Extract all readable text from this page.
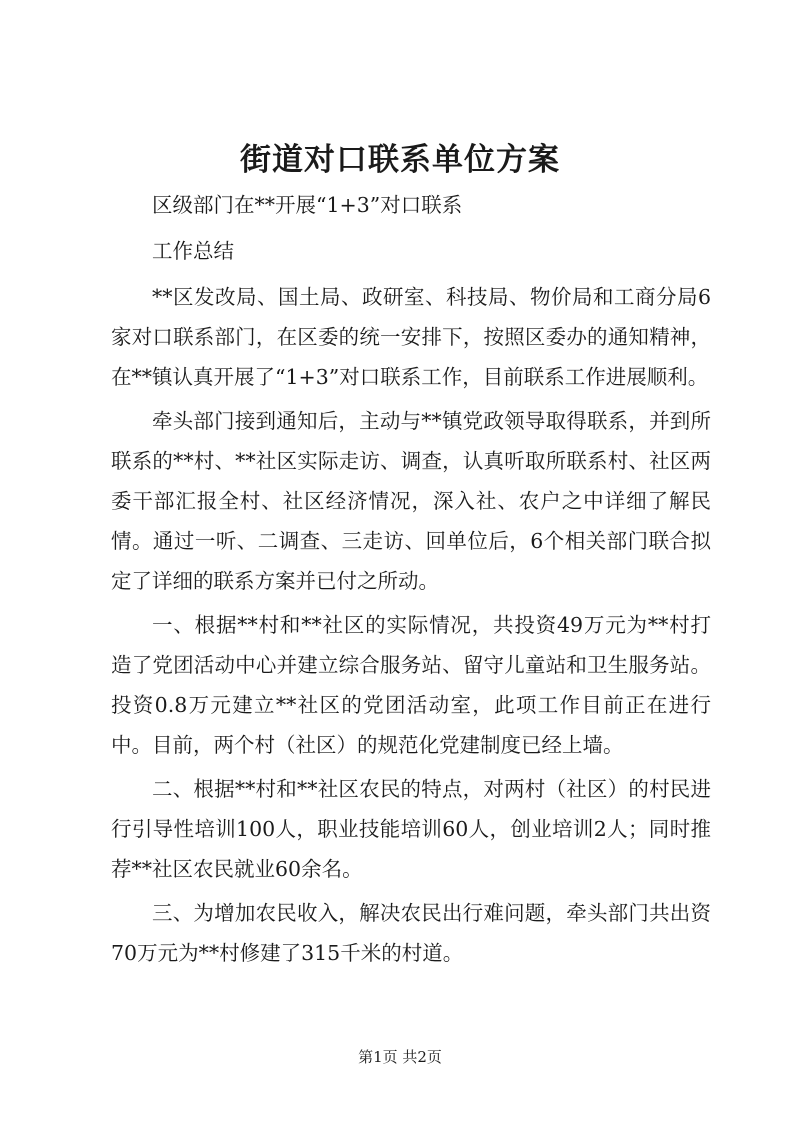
街道对口联系单位方案

区级部门在**开展“1+3”对口联系

工作总结

**区发改局、国土局、政研室、科技局、物价局和工商分局6家对口联系部门，在区委的统一安排下，按照区委办的通知精神，在**镇认真开展了“1+3”对口联系工作，目前联系工作进展顺利。

牵头部门接到通知后，主动与**镇党政领导取得联系，并到所联系的**村、**社区实际走访、调查，认真听取所联系村、社区两委干部汇报全村、社区经济情况，深入社、农户之中详细了解民情。通过一听、二调查、三走访、回单位后，6个相关部门联合拟定了详细的联系方案并已付之所动。

一、根据**村和**社区的实际情况，共投资49万元为**村打造了党团活动中心并建立综合服务站、留守儿童站和卫生服务站。投资0.8万元建立**社区的党团活动室，此项工作目前正在进行中。目前，两个村（社区）的规范化党建制度已经上墙。

二、根据**村和**社区农民的特点，对两村（社区）的村民进行引导性培训100人，职业技能培训60人，创业培训2人；同时推荐**社区农民就业60余名。

三、为增加农民收入，解决农民出行难问题，牵头部门共出资70万元为**村修建了315千米的村道。

第1页 共2页
